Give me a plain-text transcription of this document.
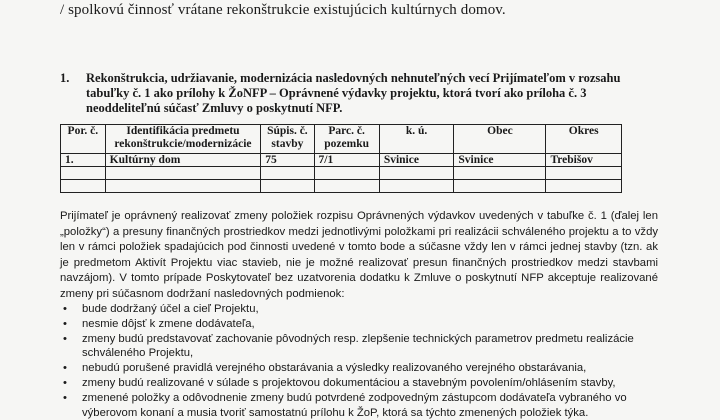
/ spolkovú činnosť vrátane rekonštrukcie existujúcich kultúrnych domov.
1. Rekonštrukcia, udržiavanie, modernizácia nasledovných nehnuteľných vecí Prijímateľom v rozsahu tabuľky č. 1 ako prílohy k ŽoNFP – Oprávnené výdavky projektu, ktorá tvorí ako príloha č. 3 neoddeliteľnú súčasť Zmluvy o poskytnutí NFP.
Por. č.	Identifikácia predmetu rekonštrukcie/modernizácie	Súpis. č. stavby	Parc. č. pozemku	k. ú.	Obec	Okres
1.	Kultúrny dom	75	7/1	Svinice	Svinice	Trebišov

Prijímateľ je oprávnený realizovať zmeny položiek rozpisu Oprávnených výdavkov uvedených v tabuľke č. 1 (ďalej len „položky“) a presuny finančných prostriedkov medzi jednotlivými položkami pri realizácii schváleného projektu a to vždy len v rámci položiek spadajúcich pod činnosti uvedené v tomto bode a súčasne vždy len v rámci jednej stavby (tzn. ak je predmetom Aktivít Projektu viac stavieb, nie je možné realizovať presun finančných prostriedkov medzi stavbami navzájom). V tomto prípade Poskytovateľ bez uzatvorenia dodatku k Zmluve o poskytnutí NFP akceptuje realizované zmeny pri súčasnom dodržaní nasledovných podmienok:

• bude dodržaný účel a cieľ Projektu,
• nesmie dôjsť k zmene dodávateľa,
• zmeny budú predstavovať zachovanie pôvodných resp. zlepšenie technických parametrov predmetu realizácie schváleného Projektu,
• nebudú porušené pravidlá verejného obstarávania a výsledky realizovaného verejného obstarávania,
• zmeny budú realizované v súlade s projektovou dokumentáciou a stavebným povolením/ohlásením stavby,
• zmenené položky a odôvodnenie zmeny budú potvrdené zodpovedným zástupcom dodávateľa vybraného vo výberovom konaní a musia tvoriť samostatnú prílohu k ŽoP, ktorá sa týchto zmenených položiek týka.
